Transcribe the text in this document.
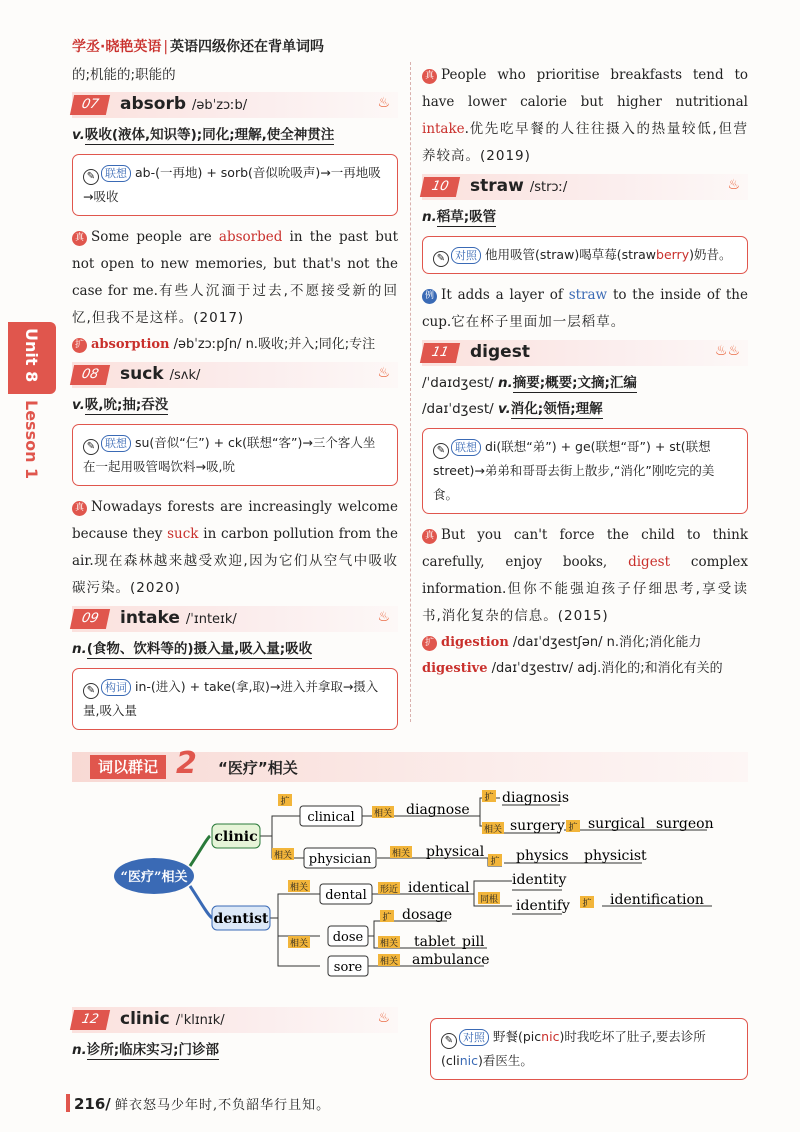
学丞·晓艳英语 | 英语四级你还在背单词吗
Unit 8
Lesson 1
的;机能的;职能的
07	absorb /əbˈzɔːb/	♨
v.吸收(液体,知识等);同化;理解,使全神贯注
✎ 联想 ab-(一再地) + sorb(音似吮吸声)→一再地吸→吸收
真 Some people are absorbed in the past but not open to new memories, but that's not the case for me.有些人沉湎于过去,不愿接受新的回忆,但我不是这样。(2017)
扩 absorption /əbˈzɔːpʃn/ n.吸收;并入;同化;专注
08	suck /sʌk/	♨
v.吸,吮;抽;吞没
✎ 联想 su(音似“仨”) + ck(联想“客”)→三个客人坐在一起用吸管喝饮料→吸,吮
真 Nowadays forests are increasingly welcome because they suck in carbon pollution from the air.现在森林越来越受欢迎,因为它们从空气中吸收碳污染。(2020)
09	intake /ˈɪnteɪk/	♨
n.(食物、饮料等的)摄入量,吸入量;吸收
✎ 构词 in-(进入) + take(拿,取)→进入并拿取→摄入量,吸入量
真 People who prioritise breakfasts tend to have lower calorie but higher nutritional intake.优先吃早餐的人往往摄入的热量较低,但营养较高。(2019)
10	straw /strɔː/	♨
n.稻草;吸管
✎ 对照 他用吸管(straw)喝草莓(strawberry)奶昔。
例 It adds a layer of straw to the inside of the cup.它在杯子里面加一层稻草。
11	digest	♨♨
/ˈdaɪdʒest/ n.摘要;概要;文摘;汇编
/daɪˈdʒest/ v.消化;领悟;理解
✎ 联想 di(联想“弟”) + ge(联想“哥”) + st(联想 street)→弟弟和哥哥去街上散步,“消化”刚吃完的美食。
真 But you can't force the child to think carefully, enjoy books, digest complex information.但你不能强迫孩子仔细思考,享受读书,消化复杂的信息。(2015)
扩 digestion /daɪˈdʒestʃən/ n.消化;消化能力
digestive /daɪˈdʒestɪv/ adj.消化的;和消化有关的
词以群记 2 “医疗”相关
“医疗”相关
clinic
dentist
clinical
physician
dental
dose
sore
扩
相关
相关
扩
相关	扩
相关
扩
相关	形近
同根	扩
扩
相关	相关
相关
diagnose
diagnosis
surgery surgical surgeon
physical physics physicist
identical	identity
identify	identification
dosage
tablet pill
ambulance
12	clinic /ˈklɪnɪk/	♨
n.诊所;临床实习;门诊部
✎ 对照 野餐(picnic)时我吃坏了肚子,要去诊所(clinic)看医生。
216/ 鲜衣怒马少年时,不负韶华行且知。
